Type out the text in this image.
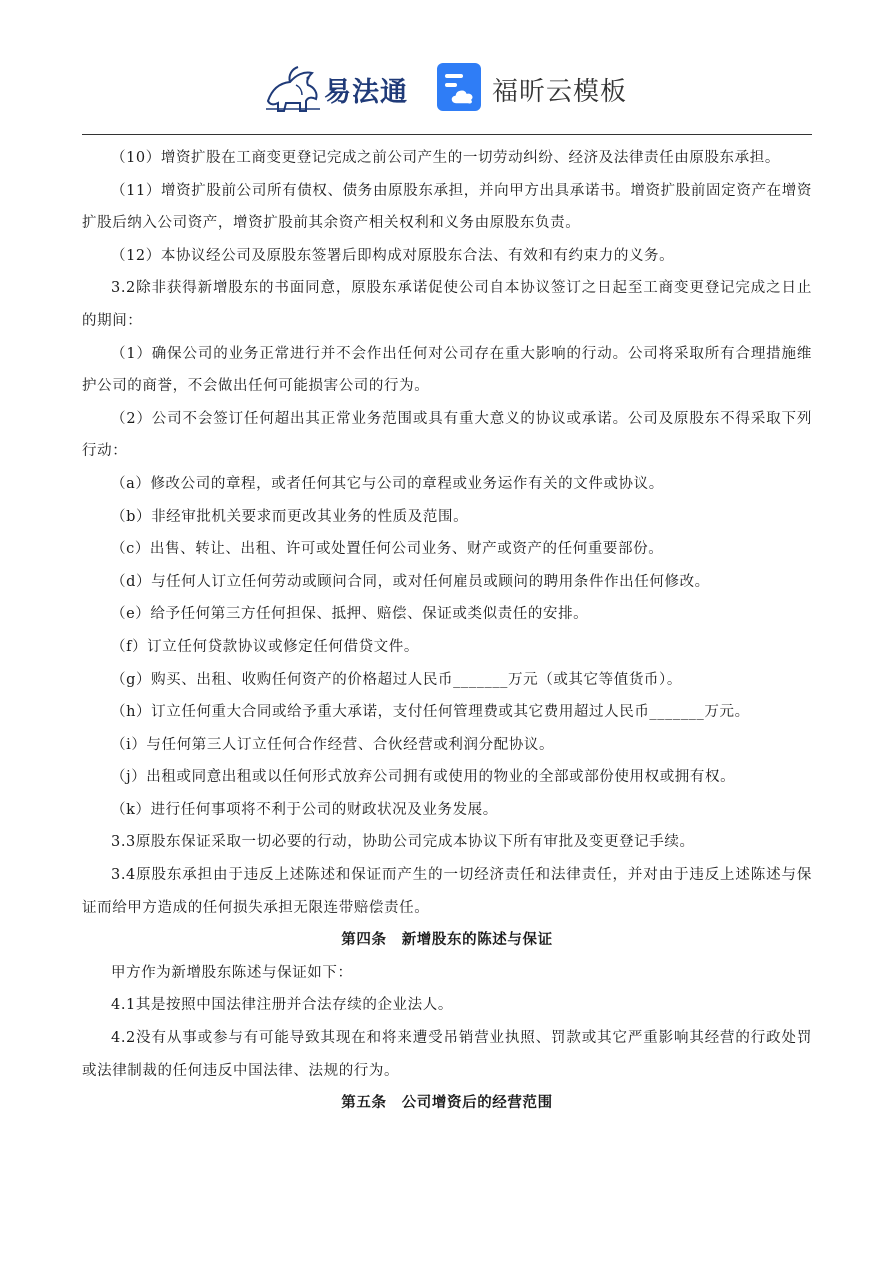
易法通	福昕云模板

（10）增资扩股在工商变更登记完成之前公司产生的一切劳动纠纷、经济及法律责任由原股东承担。

（11）增资扩股前公司所有债权、债务由原股东承担，并向甲方出具承诺书。增资扩股前固定资产在增资扩股后纳入公司资产，增资扩股前其余资产相关权利和义务由原股东负责。

（12）本协议经公司及原股东签署后即构成对原股东合法、有效和有约束力的义务。

3.2除非获得新增股东的书面同意，原股东承诺促使公司自本协议签订之日起至工商变更登记完成之日止的期间：

（1）确保公司的业务正常进行并不会作出任何对公司存在重大影响的行动。公司将采取所有合理措施维护公司的商誉，不会做出任何可能损害公司的行为。

（2）公司不会签订任何超出其正常业务范围或具有重大意义的协议或承诺。公司及原股东不得采取下列行动：

（a）修改公司的章程，或者任何其它与公司的章程或业务运作有关的文件或协议。

（b）非经审批机关要求而更改其业务的性质及范围。

（c）出售、转让、出租、许可或处置任何公司业务、财产或资产的任何重要部份。

（d）与任何人订立任何劳动或顾问合同，或对任何雇员或顾问的聘用条件作出任何修改。

（e）给予任何第三方任何担保、抵押、赔偿、保证或类似责任的安排。

（f）订立任何贷款协议或修定任何借贷文件。

（g）购买、出租、收购任何资产的价格超过人民币_______万元（或其它等值货币）。

（h）订立任何重大合同或给予重大承诺，支付任何管理费或其它费用超过人民币_______万元。

（i）与任何第三人订立任何合作经营、合伙经营或利润分配协议。

（j）出租或同意出租或以任何形式放弃公司拥有或使用的物业的全部或部份使用权或拥有权。

（k）进行任何事项将不利于公司的财政状况及业务发展。

3.3原股东保证采取一切必要的行动，协助公司完成本协议下所有审批及变更登记手续。

3.4原股东承担由于违反上述陈述和保证而产生的一切经济责任和法律责任，并对由于违反上述陈述与保证而给甲方造成的任何损失承担无限连带赔偿责任。

第四条　新增股东的陈述与保证

甲方作为新增股东陈述与保证如下：

4.1其是按照中国法律注册并合法存续的企业法人。

4.2没有从事或参与有可能导致其现在和将来遭受吊销营业执照、罚款或其它严重影响其经营的行政处罚或法律制裁的任何违反中国法律、法规的行为。

第五条　公司增资后的经营范围
